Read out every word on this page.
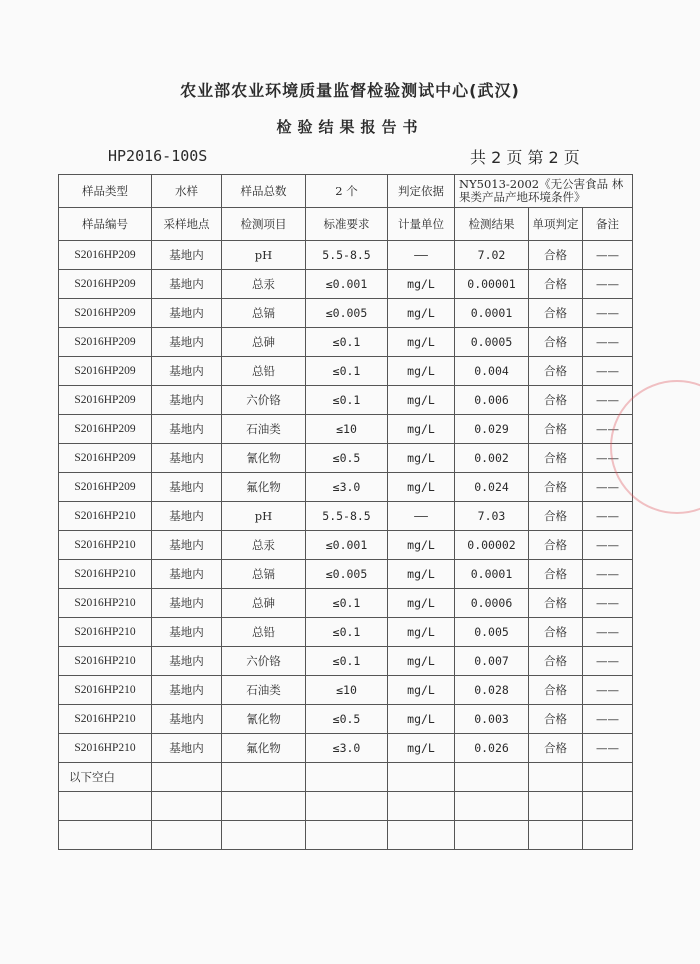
农业部农业环境质量监督检验测试中心(武汉)
检验结果报告书
HP2016-100S	共 2 页 第 2 页
样品类型	水样	样品总数	2 个	判定依据	NY5013-2002《无公害食品 林果类产品产地环境条件》		
样品编号	采样地点	检测项目	标准要求	计量单位	检测结果	单项判定	备注
S2016HP209	基地内	pH	5.5-8.5	——	7.02	合格	——
S2016HP209	基地内	总汞	≤0.001	mg/L	0.00001	合格	——
S2016HP209	基地内	总镉	≤0.005	mg/L	0.0001	合格	——
S2016HP209	基地内	总砷	≤0.1	mg/L	0.0005	合格	——
S2016HP209	基地内	总铅	≤0.1	mg/L	0.004	合格	——
S2016HP209	基地内	六价铬	≤0.1	mg/L	0.006	合格	——
S2016HP209	基地内	石油类	≤10	mg/L	0.029	合格	——
S2016HP209	基地内	氰化物	≤0.5	mg/L	0.002	合格	——
S2016HP209	基地内	氟化物	≤3.0	mg/L	0.024	合格	——
S2016HP210	基地内	pH	5.5-8.5	——	7.03	合格	——
S2016HP210	基地内	总汞	≤0.001	mg/L	0.00002	合格	——
S2016HP210	基地内	总镉	≤0.005	mg/L	0.0001	合格	——
S2016HP210	基地内	总砷	≤0.1	mg/L	0.0006	合格	——
S2016HP210	基地内	总铅	≤0.1	mg/L	0.005	合格	——
S2016HP210	基地内	六价铬	≤0.1	mg/L	0.007	合格	——
S2016HP210	基地内	石油类	≤10	mg/L	0.028	合格	——
S2016HP210	基地内	氰化物	≤0.5	mg/L	0.003	合格	——
S2016HP210	基地内	氟化物	≤3.0	mg/L	0.026	合格	——
以下空白							
